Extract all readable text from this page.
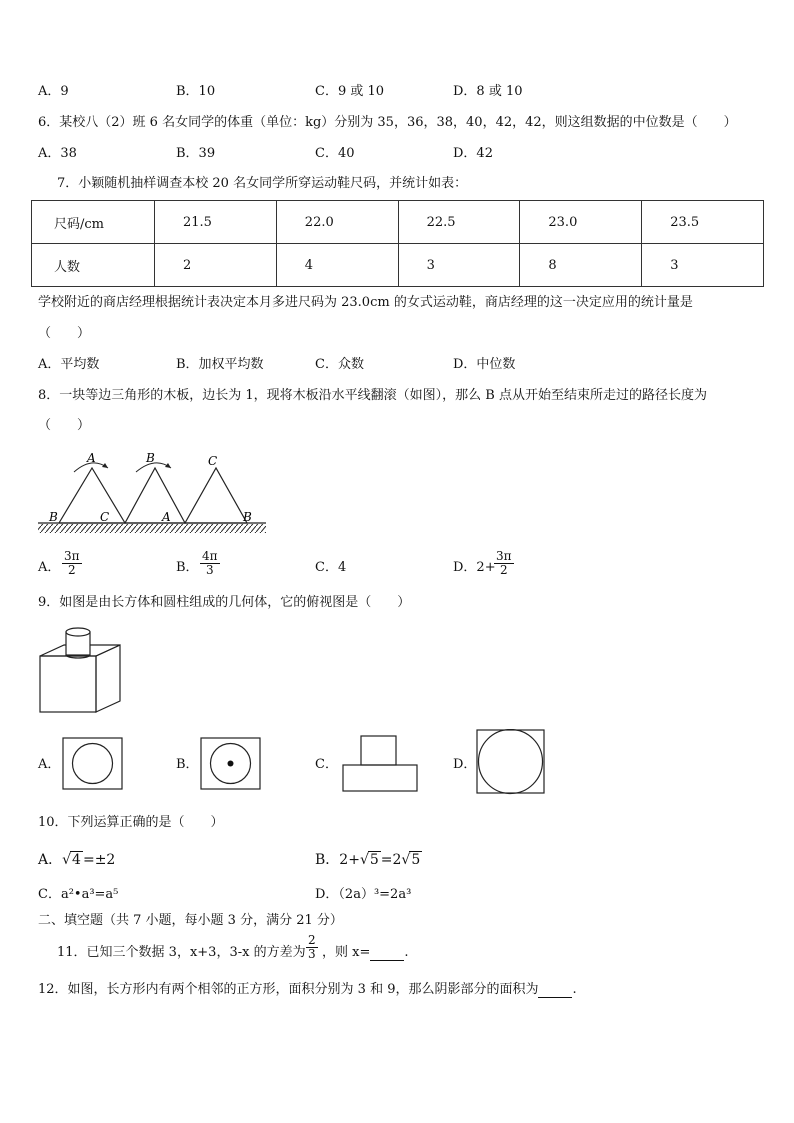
A．9	B．10	C．9 或 10	D．8 或 10
6．某校八（2）班 6 名女同学的体重（单位：kg）分别为 35，36，38，40，42，42，则这组数据的中位数是（　　）
A．38	B．39	C．40	D．42
7．小颖随机抽样调查本校 20 名女同学所穿运动鞋尺码，并统计如表：
尺码/cm	21.5	22.0	22.5	23.0	23.5
人数	2	4	3	8	3
学校附近的商店经理根据统计表决定本月多进尺码为 23.0cm 的女式运动鞋，商店经理的这一决定应用的统计量是
（　　）
A．平均数	B．加权平均数	C．众数	D．中位数
8．一块等边三角形的木板，边长为 1，现将木板沿水平线翻滚（如图），那么 B 点从开始至结束所走过的路径长度为
（　　）
A	B	C
B	C	A	B
A． $\frac{3\pi}{2}$	B． $\frac{4\pi}{3}$	C．4	D．2+
$\frac{3\pi}{2}$
9．如图是由长方体和圆柱组成的几何体，它的俯视图是（　　）
A．	B．	C．	D．
10．下列运算正确的是（　　）
A．√4 =±2	B．2+√5 =2√5
C．a²•a³=a⁵	D．（2a）³=2a³
二、填空题（共 7 小题，每小题 3 分，满分 21 分）
11．已知三个数据 3，x+3，3-x 的方差为 $\frac{2}{3}$ ，则 x=	.
12．如图，长方形内有两个相邻的正方形，面积分别为 3 和 9，那么阴影部分的面积为	.
